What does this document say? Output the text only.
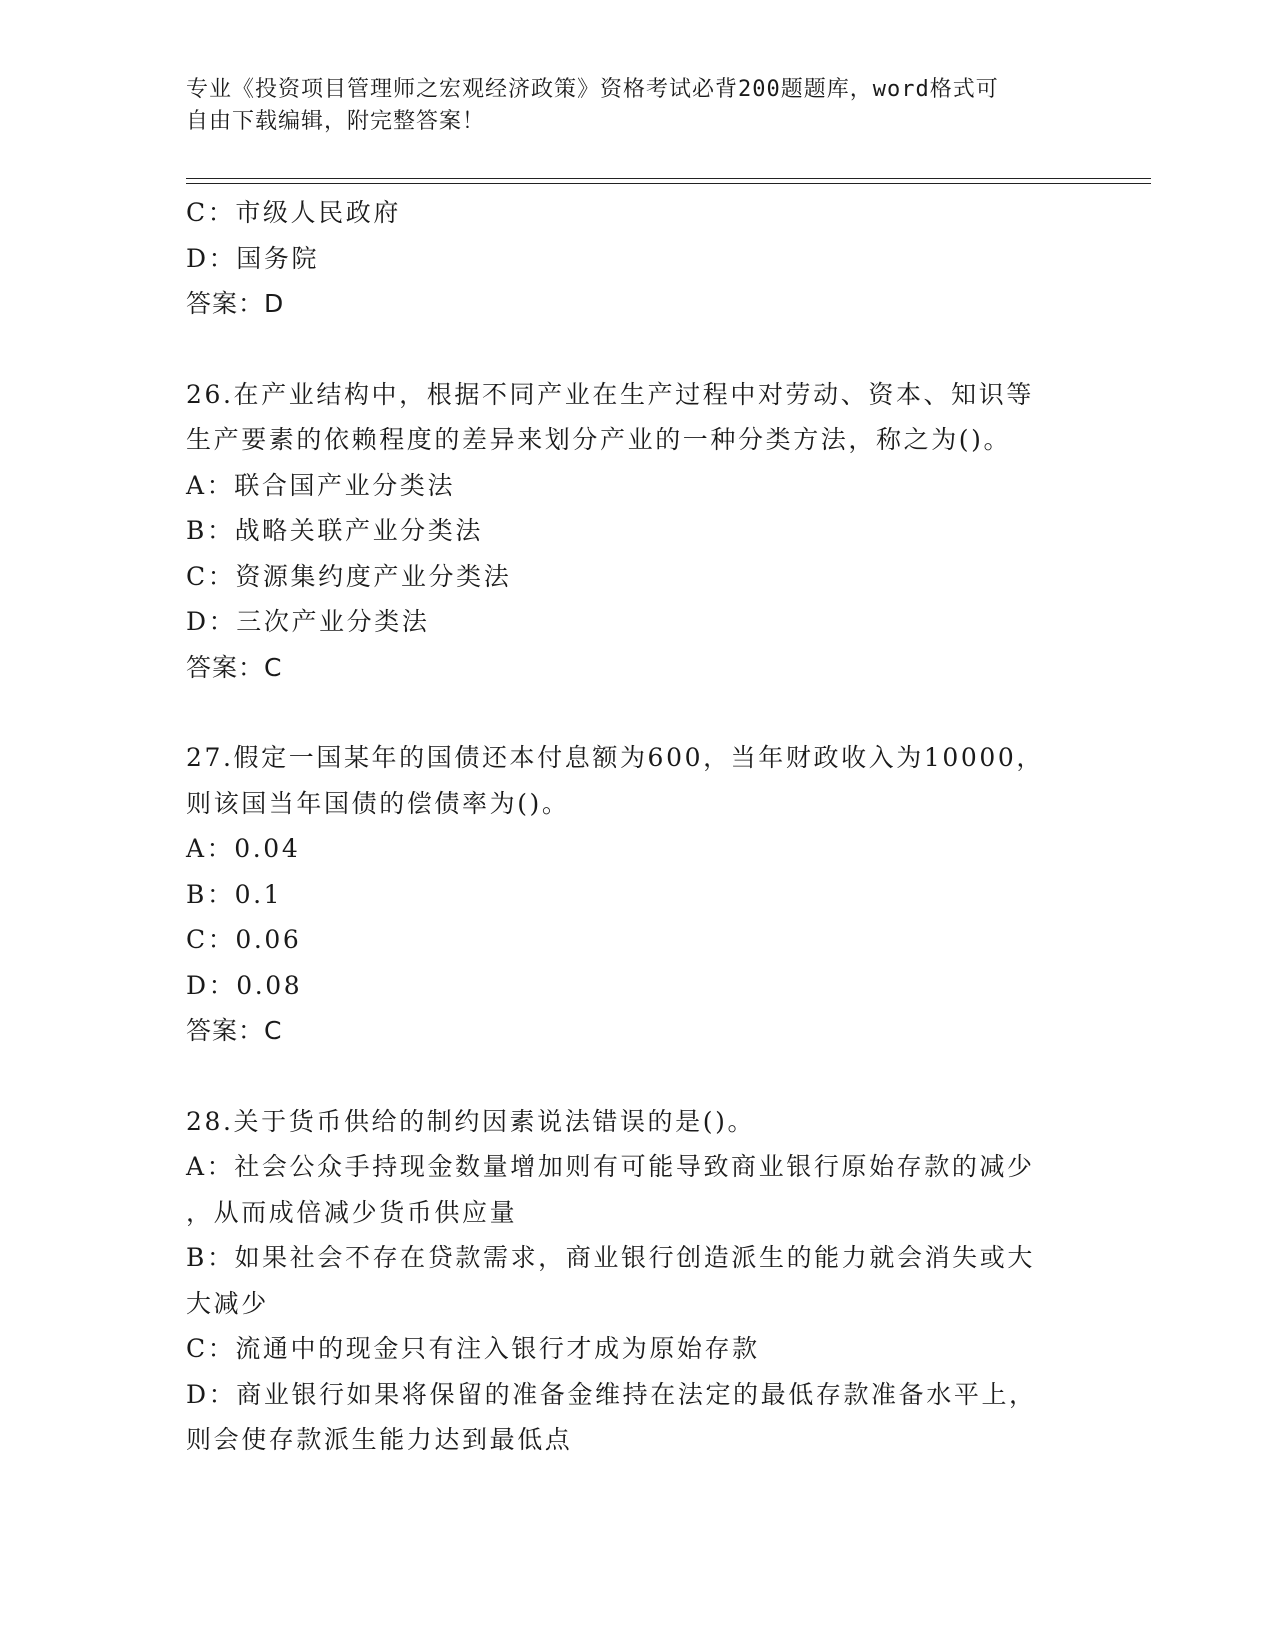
专业《投资项目管理师之宏观经济政策》资格考试必背200题题库，word格式可
自由下载编辑，附完整答案！
C：市级人民政府
D：国务院
答案：D
26.在产业结构中，根据不同产业在生产过程中对劳动、资本、知识等
生产要素的依赖程度的差异来划分产业的一种分类方法，称之为()。
A：联合国产业分类法
B：战略关联产业分类法
C：资源集约度产业分类法
D：三次产业分类法
答案：C
27.假定一国某年的国债还本付息额为600，当年财政收入为10000，
则该国当年国债的偿债率为()。
A：0.04
B：0.1
C：0.06
D：0.08
答案：C
28.关于货币供给的制约因素说法错误的是()。
A：社会公众手持现金数量增加则有可能导致商业银行原始存款的减少
，从而成倍减少货币供应量
B：如果社会不存在贷款需求，商业银行创造派生的能力就会消失或大
大减少
C：流通中的现金只有注入银行才成为原始存款
D：商业银行如果将保留的准备金维持在法定的最低存款准备水平上，
则会使存款派生能力达到最低点
